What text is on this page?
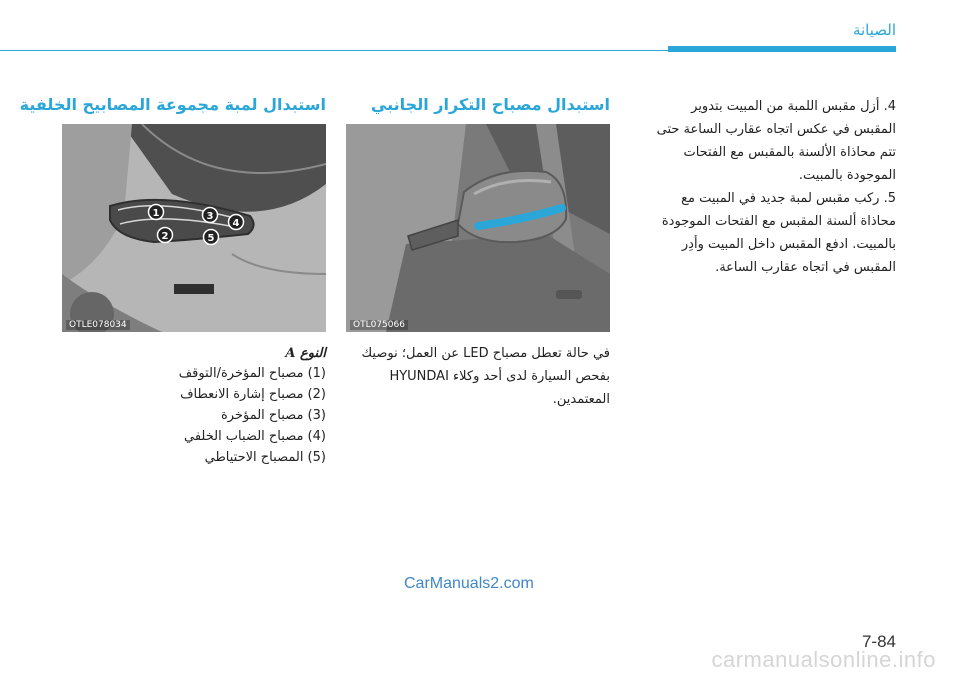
الصيانة

4. أزل مقبس اللمبة من المبيت بتدوير المقبس في عكس اتجاه عقارب الساعة حتى تتم محاذاة الألسنة بالمقبس مع الفتحات الموجودة بالمبيت.

5. ركب مقبس لمبة جديد في المبيت مع محاذاة ألسنة المقبس مع الفتحات الموجودة بالمبيت. ادفع المقبس داخل المبيت وأدِر المقبس في اتجاه عقارب الساعة.

استبدال مصباح التكرار الجانبي
OTL075066

في حالة تعطل مصباح LED عن العمل؛ نوصيك بفحص السيارة لدى أحد وكلاء HYUNDAI المعتمدين.

استبدال لمبة مجموعة المصابيح الخلفية
1
2
3
4
5
OTLE078034
النوع A
(1) مصباح المؤخرة/التوقف
(2) مصباح إشارة الانعطاف
(3) مصباح المؤخرة
(4) مصباح الضباب الخلفي
(5) المصباح الاحتياطي
CarManuals2.com
7-84
carmanualsonline.info
